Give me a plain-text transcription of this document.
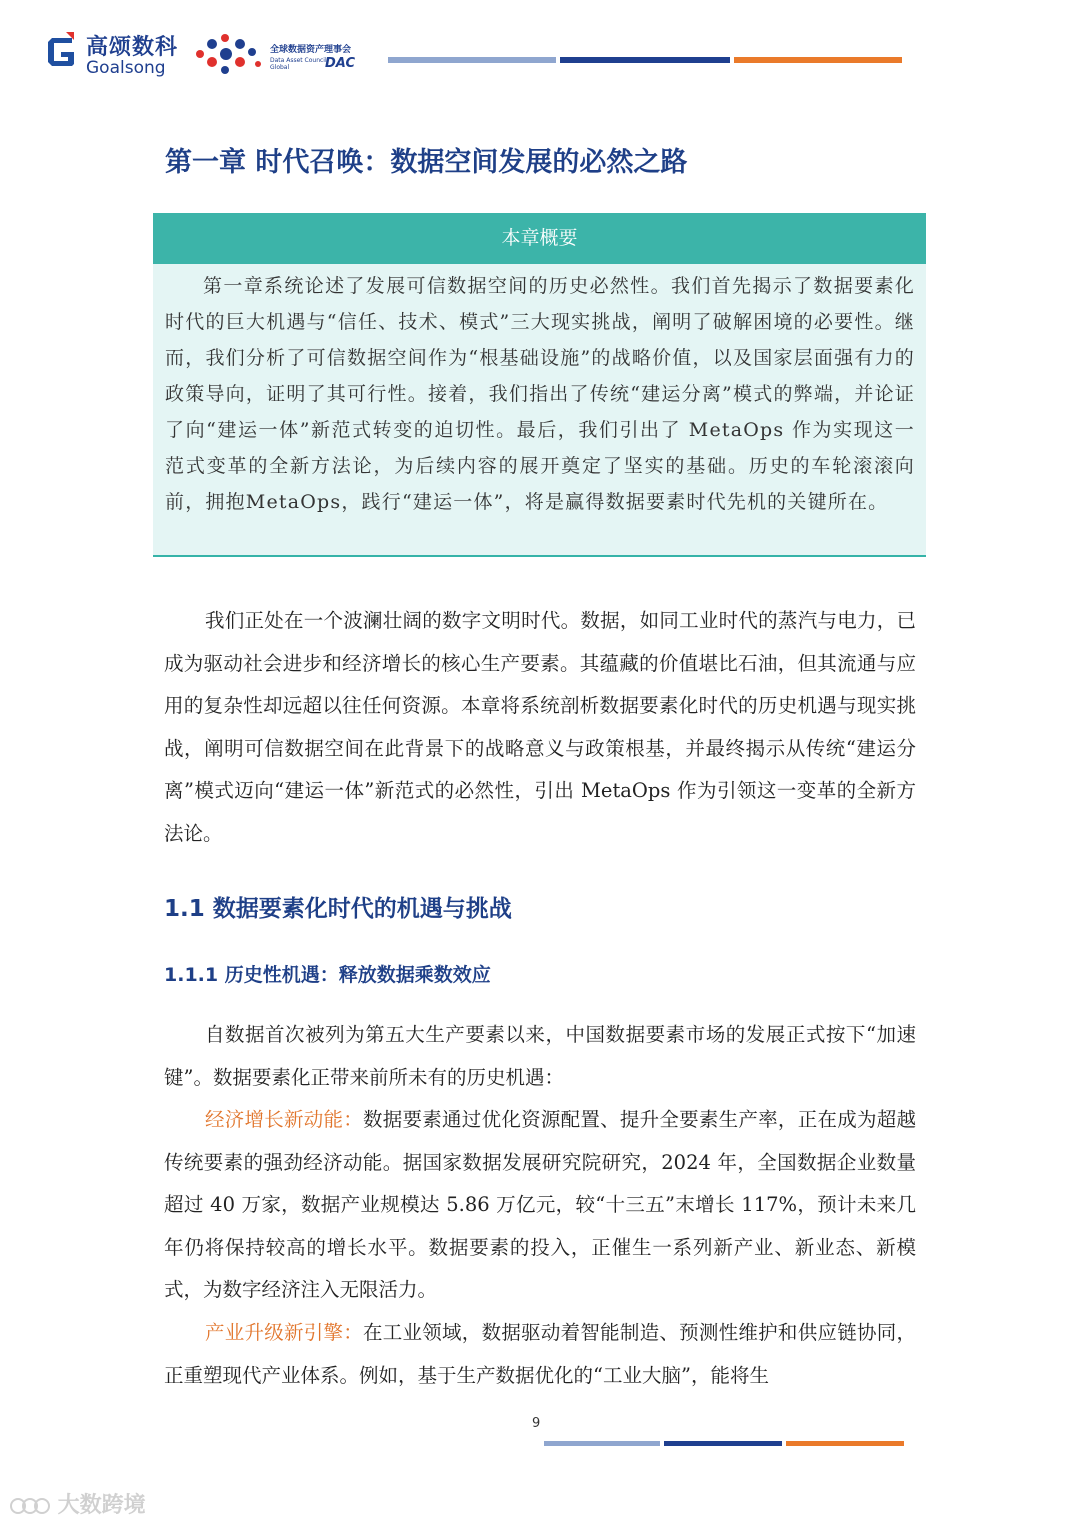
高颂数科
Goalsong
全球数据资产理事会
Data Asset Council Global	DAC
第一章 时代召唤：数据空间发展的必然之路
本章概要
第一章系统论述了发展可信数据空间的历史必然性。我们首先揭示了数据要素化时代的巨大机遇与“信任、技术、模式”三大现实挑战，阐明了破解困境的必要性。继而，我们分析了可信数据空间作为“根基础设施”的战略价值，以及国家层面强有力的政策导向，证明了其可行性。接着，我们指出了传统“建运分离”模式的弊端，并论证了向“建运一体”新范式转变的迫切性。最后，我们引出了 MetaOps 作为实现这一范式变革的全新方法论，为后续内容的展开奠定了坚实的基础。历史的车轮滚滚向前，拥抱MetaOps，践行“建运一体”，将是赢得数据要素时代先机的关键所在。
我们正处在一个波澜壮阔的数字文明时代。数据，如同工业时代的蒸汽与电力，已成为驱动社会进步和经济增长的核心生产要素。其蕴藏的价值堪比石油，但其流通与应用的复杂性却远超以往任何资源。本章将系统剖析数据要素化时代的历史机遇与现实挑战，阐明可信数据空间在此背景下的战略意义与政策根基，并最终揭示从传统“建运分离”模式迈向“建运一体”新范式的必然性，引出 MetaOps 作为引领这一变革的全新方法论。
1.1 数据要素化时代的机遇与挑战
1.1.1 历史性机遇：释放数据乘数效应
自数据首次被列为第五大生产要素以来，中国数据要素市场的发展正式按下“加速键”。数据要素化正带来前所未有的历史机遇：
经济增长新动能：数据要素通过优化资源配置、提升全要素生产率，正在成为超越传统要素的强劲经济动能。据国家数据发展研究院研究，2024 年，全国数据企业数量超过 40 万家，数据产业规模达 5.86 万亿元，较“十三五”末增长 117%，预计未来几年仍将保持较高的增长水平。数据要素的投入，正催生一系列新产业、新业态、新模式，为数字经济注入无限活力。
产业升级新引擎：在工业领域，数据驱动着智能制造、预测性维护和供应链协同，正重塑现代产业体系。例如，基于生产数据优化的“工业大脑”，能将生
9
大数跨境
